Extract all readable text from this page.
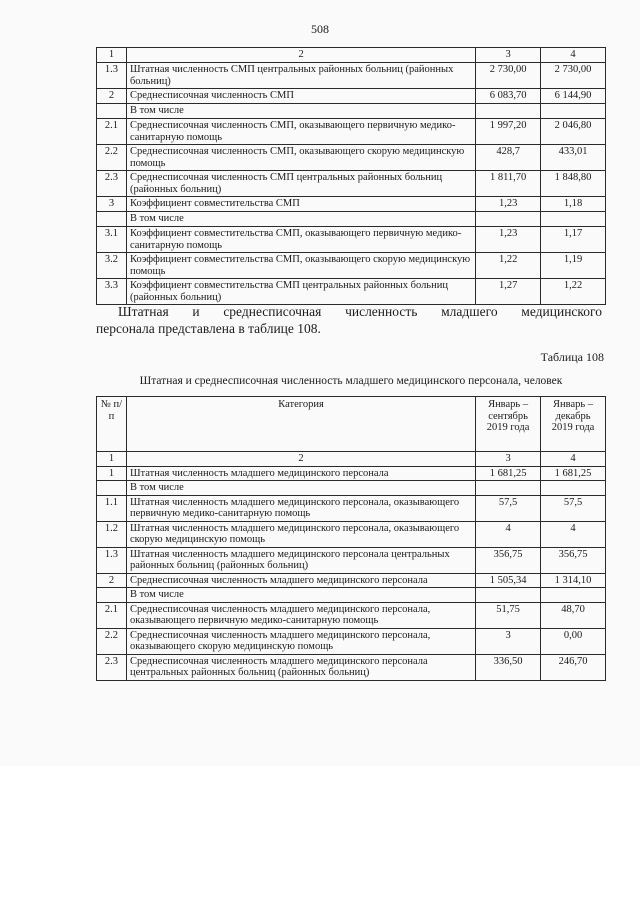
508
1	2	3	4
1.3	Штатная численность СМП центральных районных больниц (районных больниц)	2 730,00	2 730,00
2	Среднесписочная численность СМП	6 083,70	6 144,90
	В том числе		
2.1	Среднесписочная численность СМП, оказывающего первичную медико-санитарную помощь	1 997,20	2 046,80
2.2	Среднесписочная численность СМП, оказывающего скорую медицинскую помощь	428,7	433,01
2.3	Среднесписочная численность СМП центральных районных больниц (районных больниц)	1 811,70	1 848,80
3	Коэффициент совместительства СМП	1,23	1,18
	В том числе		
3.1	Коэффициент совместительства СМП, оказывающего первичную медико-санитарную помощь	1,23	1,17
3.2	Коэффициент совместительства СМП, оказывающего скорую медицинскую помощь	1,22	1,19
3.3	Коэффициент совместительства СМП центральных районных больниц (районных больниц)	1,27	1,22
Штатная и среднесписочная численность младшего медицинского
персонала представлена в таблице 108.
Таблица 108
Штатная и среднесписочная численность младшего медицинского персонала, человек
№ п/п	Категория	Январь – сентябрь 2019 года	Январь – декабрь 2019 года
1	2	3	4
1	Штатная численность младшего медицинского персонала	1 681,25	1 681,25
	В том числе		
1.1	Штатная численность младшего медицинского персонала, оказывающего первичную медико-санитарную помощь	57,5	57,5
1.2	Штатная численность младшего медицинского персонала, оказывающего скорую медицинскую помощь	4	4
1.3	Штатная численность младшего медицинского персонала центральных районных больниц (районных больниц)	356,75	356,75
2	Среднесписочная численность младшего медицинского персонала	1 505,34	1 314,10
	В том числе		
2.1	Среднесписочная численность младшего медицинского персонала, оказывающего первичную медико-санитарную помощь	51,75	48,70
2.2	Среднесписочная численность младшего медицинского персонала, оказывающего скорую медицинскую помощь	3	0,00
2.3	Среднесписочная численность младшего медицинского персонала центральных районных больниц (районных больниц)	336,50	246,70
